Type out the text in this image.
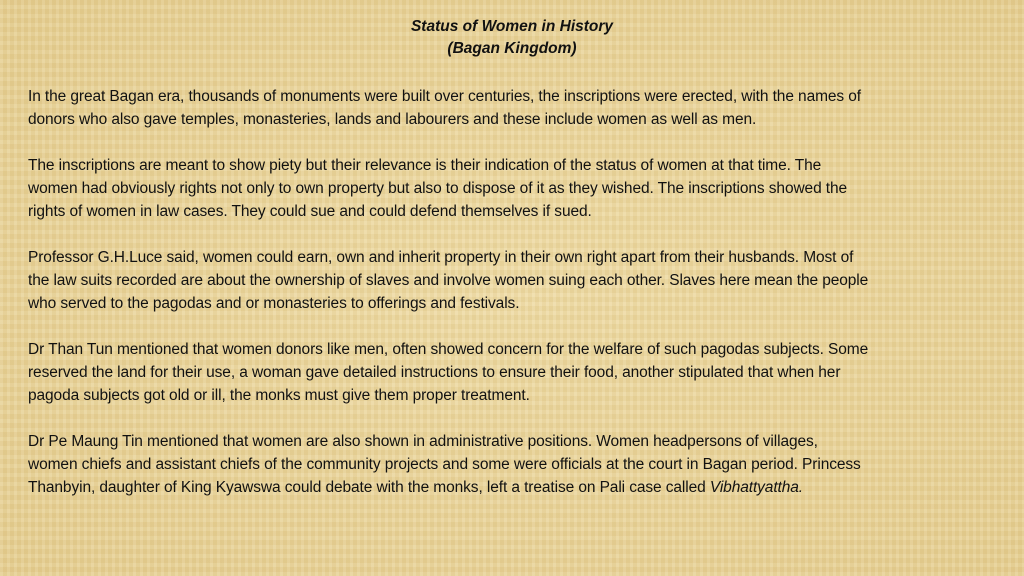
Status of Women in History
(Bagan Kingdom)
In the great Bagan era, thousands of monuments were built over centuries, the inscriptions were erected, with the names of
donors who also gave temples, monasteries, lands and labourers and these include women as well as men.
The inscriptions are meant to show piety but their relevance is their indication of the status of women at that time. The
women had obviously rights not only to own property but also to dispose of it as they wished. The inscriptions showed the
rights of women in law cases. They could sue and could defend themselves if sued.
Professor G.H.Luce said, women could earn, own and inherit property in their own right apart from their husbands. Most of
the law suits recorded are about the ownership of slaves and involve women suing each other. Slaves here mean the people
who served to the pagodas and or monasteries to offerings and festivals.
Dr Than Tun mentioned that women donors like men, often showed concern for the welfare of such pagodas subjects. Some
reserved the land for their use, a woman gave detailed instructions to ensure their food, another stipulated that when her
pagoda subjects got old or ill, the monks must give them proper treatment.
Dr Pe Maung Tin mentioned that women are also shown in administrative positions. Women headpersons of villages,
women chiefs and assistant chiefs of the community projects and some were officials at the court in Bagan period. Princess
Thanbyin, daughter of King Kyawswa could debate with the monks, left a treatise on Pali case called Vibhattyattha.
